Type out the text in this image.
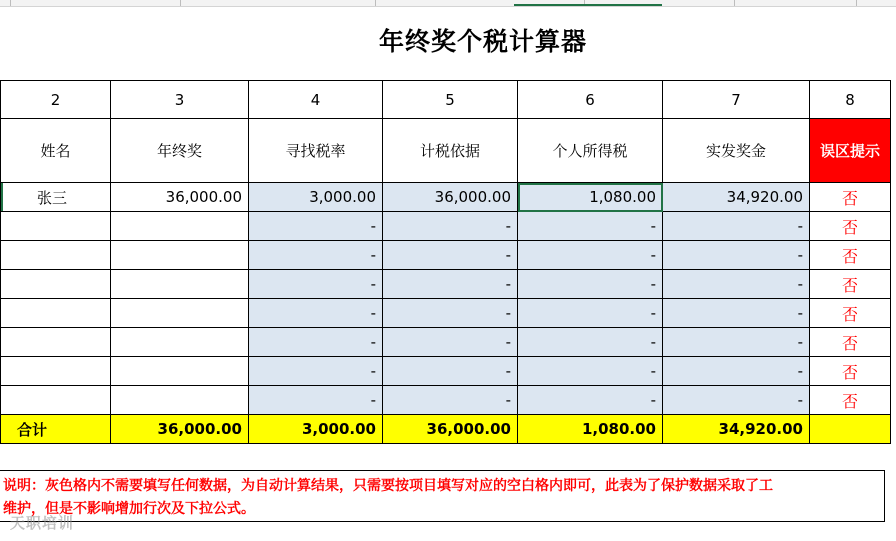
年终奖个税计算器
2	3	4	5	6	7	8
姓名	年终奖	寻找税率	计税依据	个人所得税	实发奖金	误区提示
张三	36,000.00	3,000.00	36,000.00	1,080.00	34,920.00	否
		-	-	-	-	否
		-	-	-	-	否
		-	-	-	-	否
		-	-	-	-	否
		-	-	-	-	否
		-	-	-	-	否
		-	-	-	-	否
合计	36,000.00	3,000.00	36,000.00	1,080.00	34,920.00	
说明：灰色格内不需要填写任何数据，为自动计算结果，只需要按项目填写对应的空白格内即可，此表为了保护数据采取了工
维护，但是不影响增加行次及下拉公式。
天职培训
